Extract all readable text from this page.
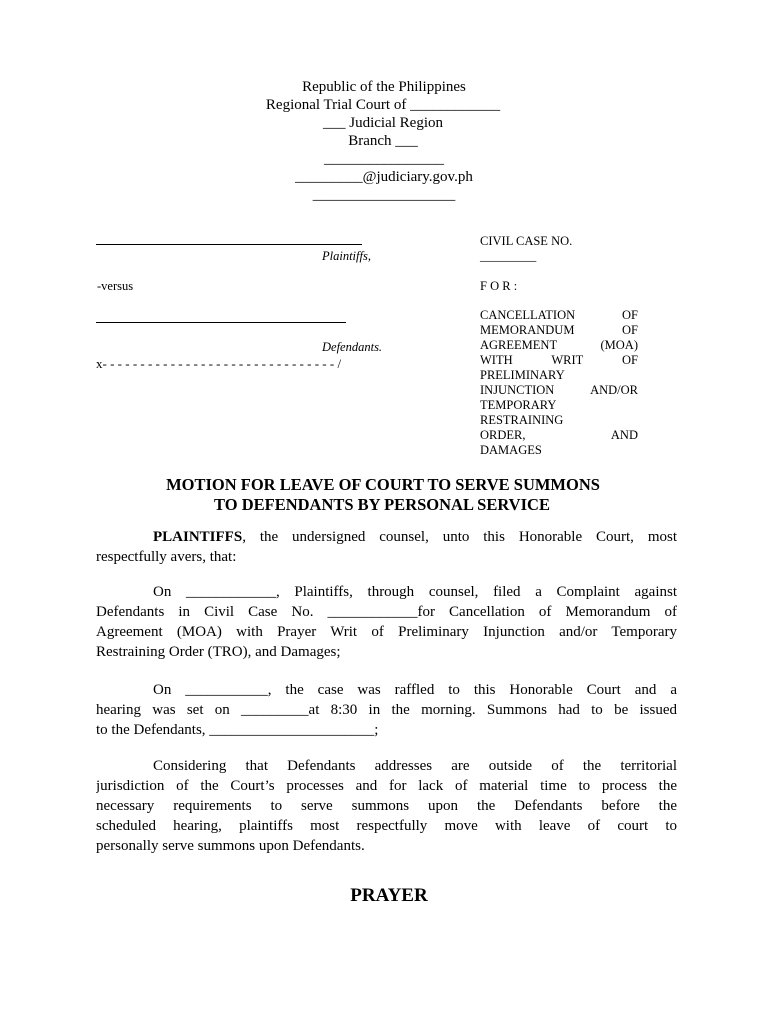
Republic of the Philippines
Regional Trial Court of ____________
___ Judicial Region
Branch ___
________________
_________@judiciary.gov.ph
___________________
Plaintiffs,
-versus
Defendants.
x- - - - - - - - - - - - - - - - - - - - - - - - - - - - - - - /
CIVIL CASE NO.
_________
F O R :
CANCELLATION OF
MEMORANDUM OF
AGREEMENT (MOA)
WITH WRIT OF
PRELIMINARY
INJUNCTION AND/OR
TEMPORARY
RESTRAINING
ORDER, AND
DAMAGES
MOTION FOR LEAVE OF COURT TO SERVE SUMMONS
TO DEFENDANTS BY PERSONAL SERVICE
PLAINTIFFS, the undersigned counsel, unto this Honorable Court, most
respectfully avers, that:
On ____________, Plaintiffs, through counsel, filed a Complaint against
Defendants in Civil Case No. ____________for Cancellation of Memorandum of
Agreement (MOA) with Prayer Writ of Preliminary Injunction and/or Temporary
Restraining Order (TRO), and Damages;
On ___________, the case was raffled to this Honorable Court and a
hearing was set on _________at 8:30 in the morning. Summons had to be issued
to the Defendants, ______________________;
Considering that Defendants addresses are outside of the territorial
jurisdiction of the Court’s processes and for lack of material time to process the
necessary requirements to serve summons upon the Defendants before the
scheduled hearing, plaintiffs most respectfully move with leave of court to
personally serve summons upon Defendants.
PRAYER
